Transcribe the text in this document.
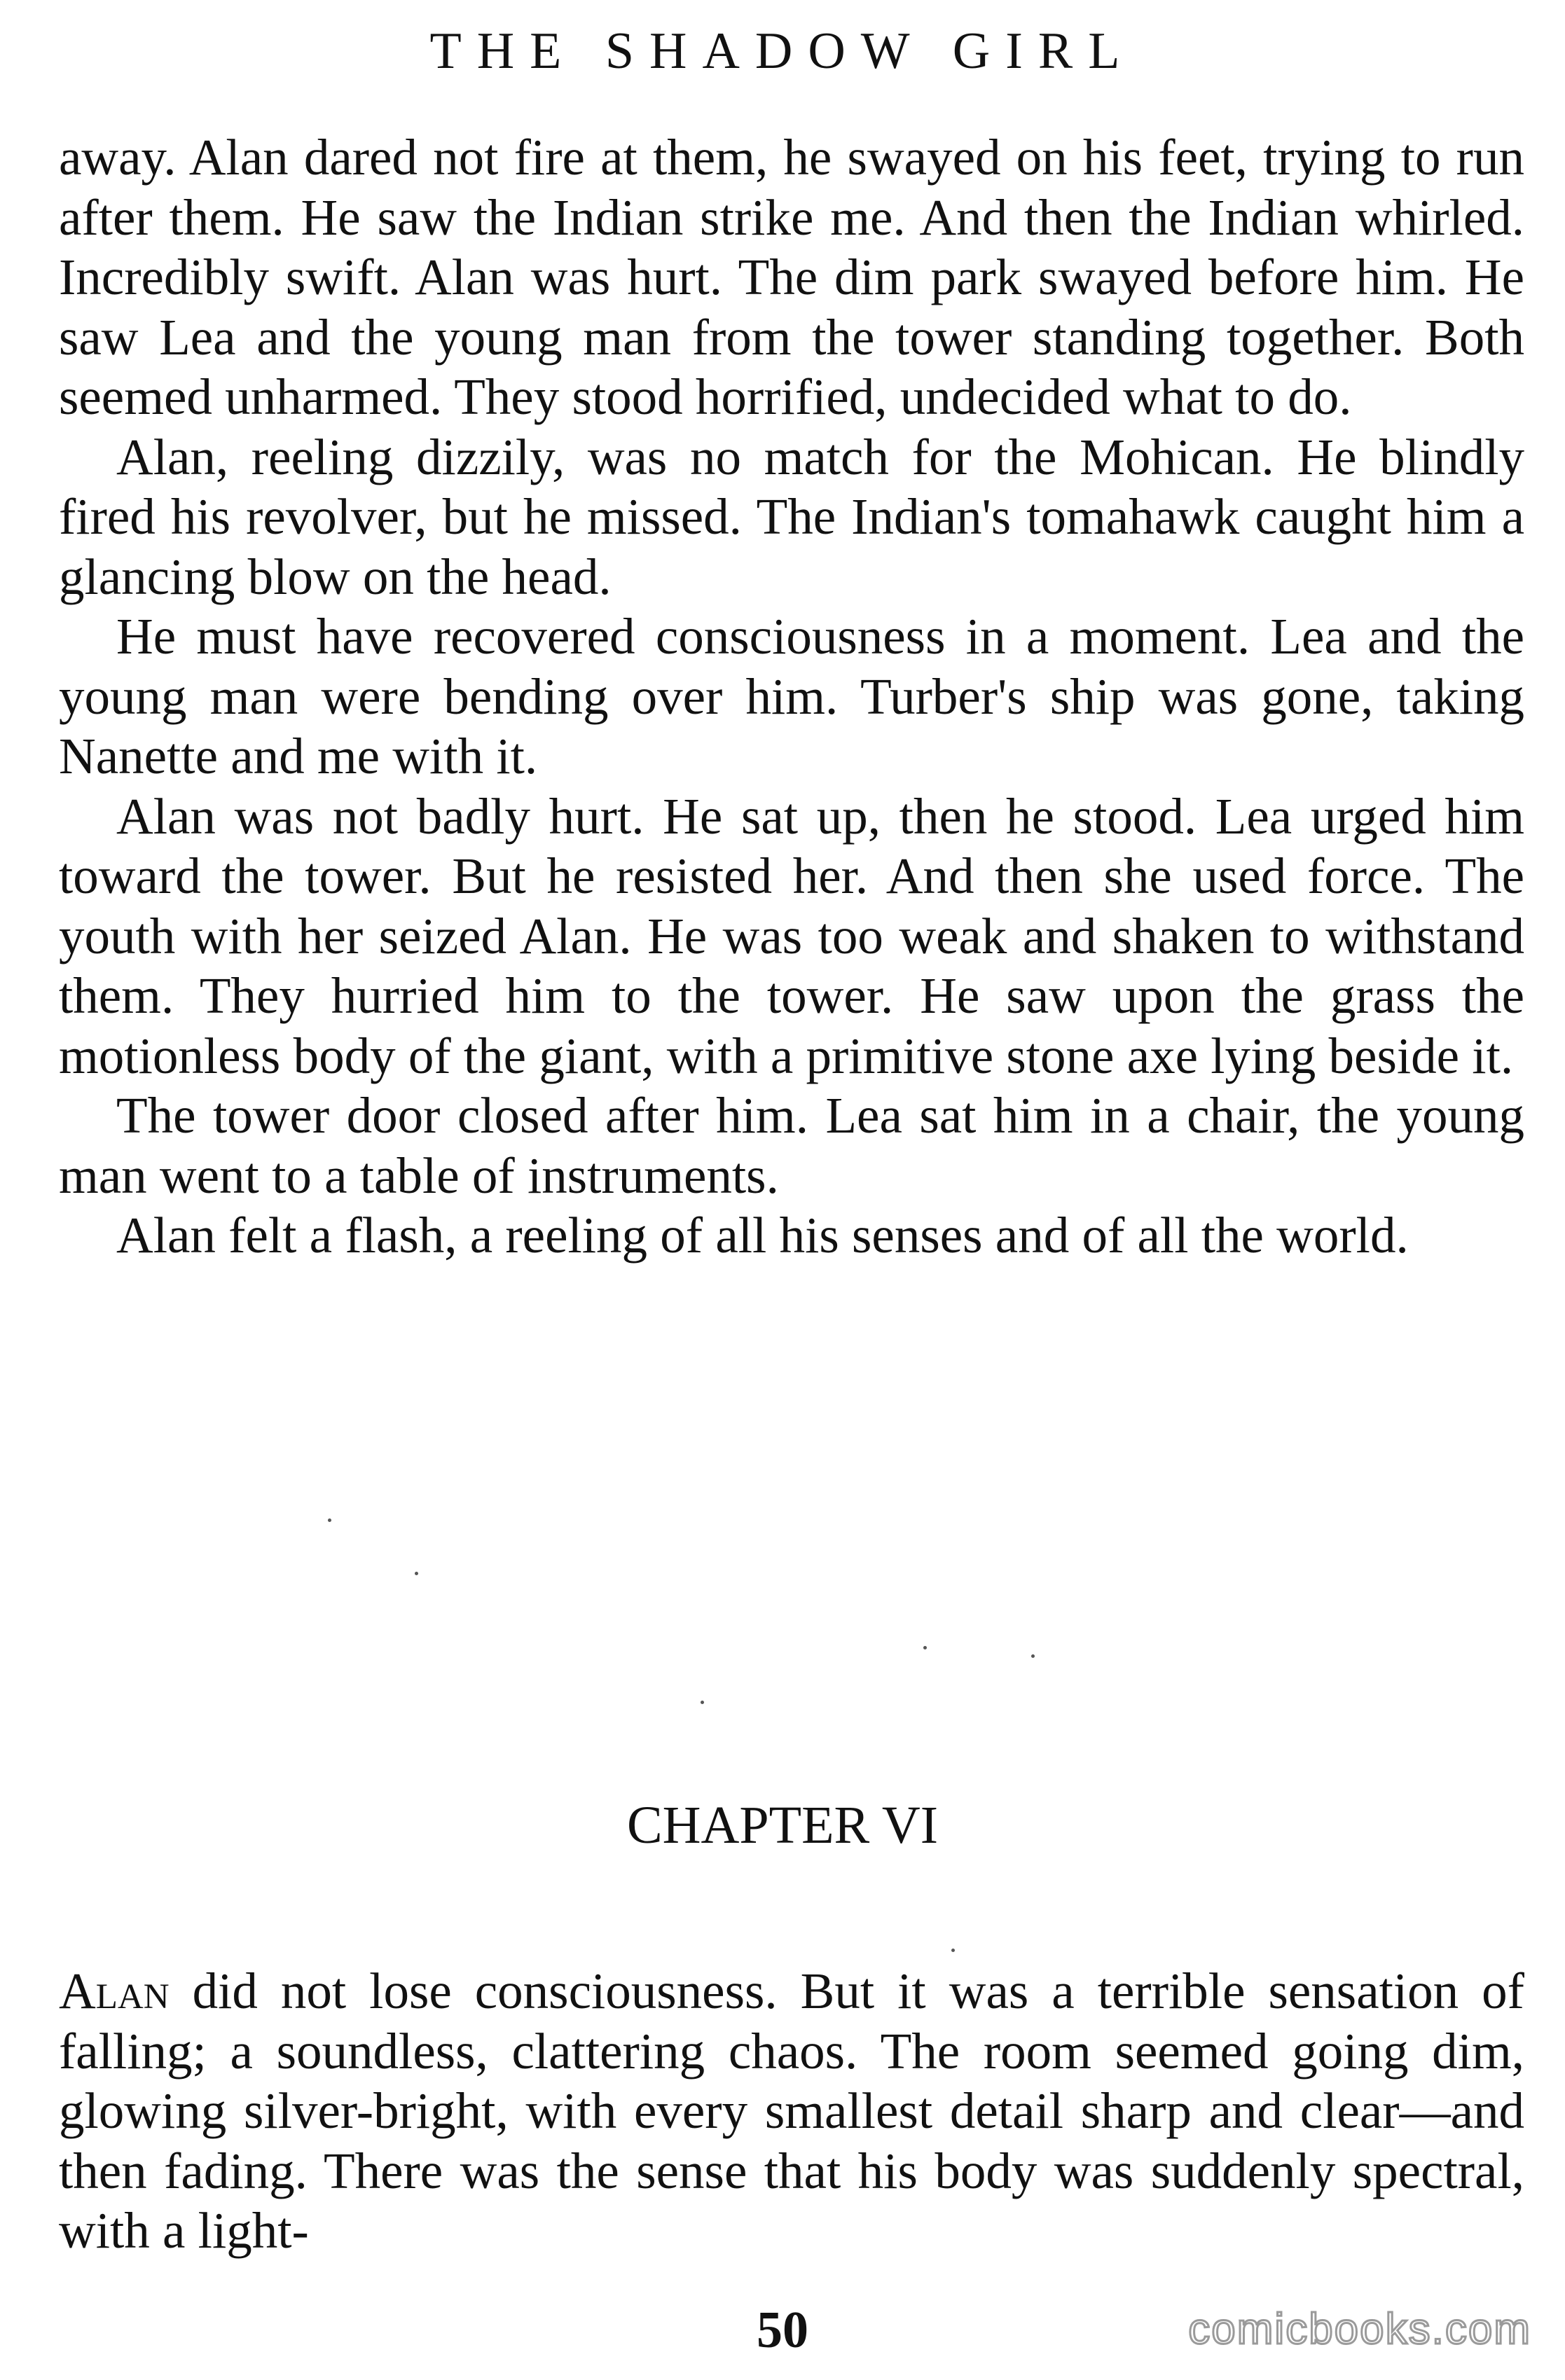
THE SHADOW GIRL

away. Alan dared not fire at them, he swayed on his feet, trying to run after them. He saw the Indian strike me. And then the Indian whirled. Incredibly swift. Alan was hurt. The dim park swayed before him. He saw Lea and the young man from the tower standing together. Both seemed unharmed. They stood horrified, undecided what to do.

Alan, reeling dizzily, was no match for the Mohican. He blindly fired his revolver, but he missed. The Indian's tomahawk caught him a glancing blow on the head.

He must have recovered consciousness in a moment. Lea and the young man were bending over him. Turber's ship was gone, taking Nanette and me with it.

Alan was not badly hurt. He sat up, then he stood. Lea urged him toward the tower. But he resisted her. And then she used force. The youth with her seized Alan. He was too weak and shaken to withstand them. They hurried him to the tower. He saw upon the grass the motionless body of the giant, with a primitive stone axe lying beside it.

The tower door closed after him. Lea sat him in a chair, the young man went to a table of instruments.

Alan felt a flash, a reeling of all his senses and of all the world.

CHAPTER VI

Alan did not lose consciousness. But it was a terrible sensation of falling; a soundless, clattering chaos. The room seemed going dim, glowing silver-bright, with every smallest detail sharp and clear—and then fading. There was the sense that his body was suddenly spectral, with a light-

50	comicbooks.com
